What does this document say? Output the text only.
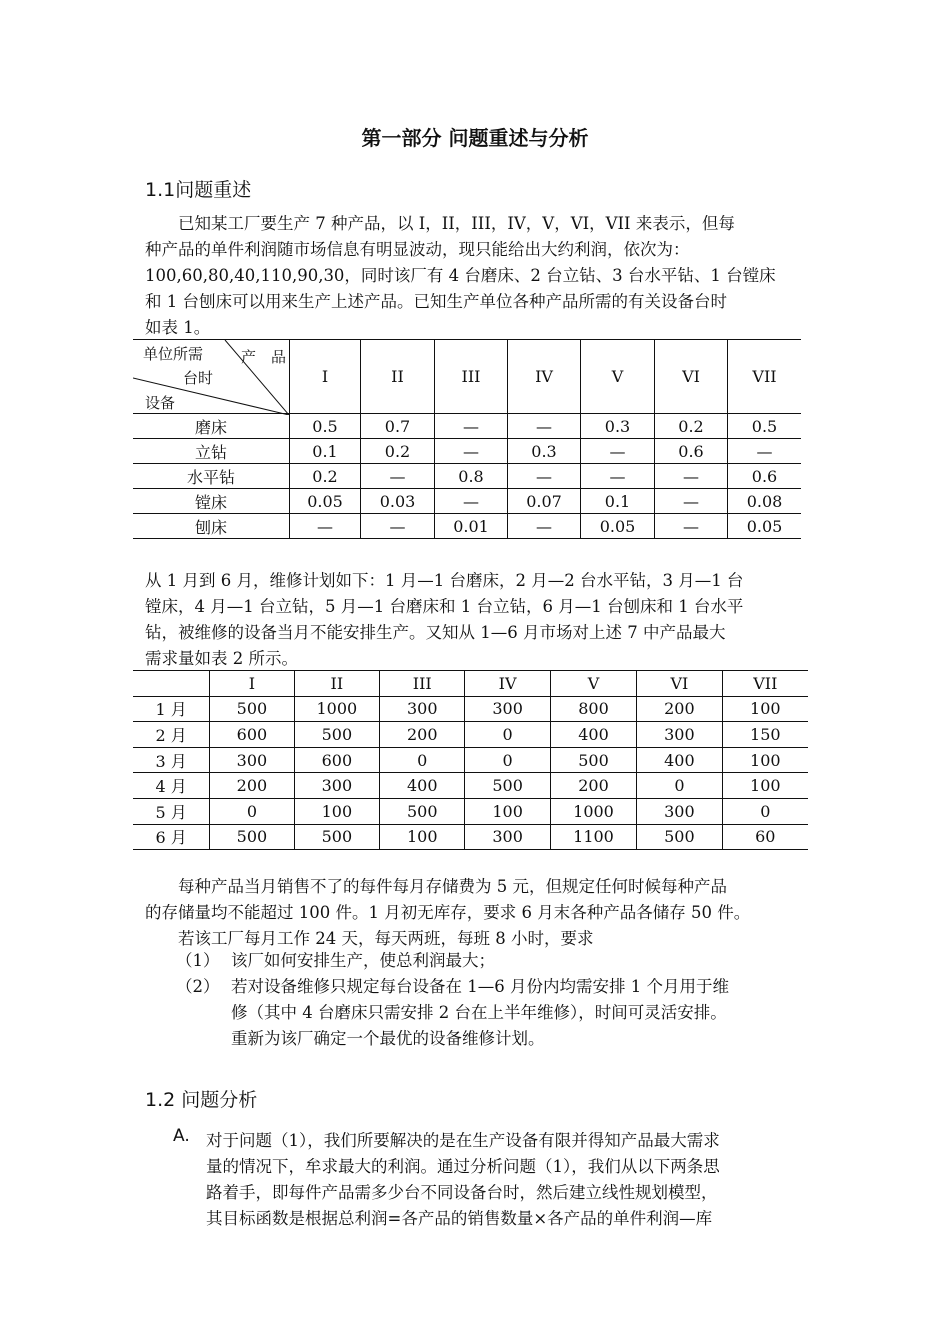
第一部分 问题重述与分析
1.1问题重述

　　已知某工厂要生产 7 种产品，以 I，II，III，IV，V，VI，VII 来表示，但每

种产品的单件利润随市场信息有明显波动，现只能给出大约利润，依次为：

100,60,80,40,110,90,30，同时该厂有 4 台磨床、2 台立钻、3 台水平钻、1 台镗床

和 1 台刨床可以用来生产上述产品。已知生产单位各种产品所需的有关设备台时

如表 1。

产　品
单位所需
台时
设备	I	II	III	IV	V	VI	VII
磨床	0.5	0.7	—	—	0.3	0.2	0.5
立钻	0.1	0.2	—	0.3	—	0.6	—
水平钻	0.2	—	0.8	—	—	—	0.6
镗床	0.05	0.03	—	0.07	0.1	—	0.08
刨床	—	—	0.01	—	0.05	—	0.05

从 1 月到 6 月，维修计划如下：1 月—1 台磨床，2 月—2 台水平钻，3 月—1 台

镗床，4 月—1 台立钻，5 月—1 台磨床和 1 台立钻，6 月—1 台刨床和 1 台水平

钻，被维修的设备当月不能安排生产。又知从 1—6 月市场对上述 7 中产品最大

需求量如表 2 所示。

	I	II	III	IV	V	VI	VII
1 月	500	1000	300	300	800	200	100
2 月	600	500	200	0	400	300	150
3 月	300	600	0	0	500	400	100
4 月	200	300	400	500	200	0	100
5 月	0	100	500	100	1000	300	0
6 月	500	500	100	300	1100	500	60

　　每种产品当月销售不了的每件每月存储费为 5 元，但规定任何时候每种产品

的存储量均不能超过 100 件。1 月初无库存，要求 6 月末各种产品各储存 50 件。

　　若该工厂每月工作 24 天，每天两班，每班 8 小时，要求

（1） 该厂如何安排生产，使总利润最大；
（2） 若对设备维修只规定每台设备在 1—6 月份内均需安排 1 个月用于维
修（其中 4 台磨床只需安排 2 台在上半年维修），时间可灵活安排。
重新为该厂确定一个最优的设备维修计划。
1.2 问题分析
A. 对于问题（1），我们所要解决的是在生产设备有限并得知产品最大需求

量的情况下，牟求最大的利润。通过分析问题（1），我们从以下两条思

路着手，即每件产品需多少台不同设备台时，然后建立线性规划模型，

其目标函数是根据总利润=各产品的销售数量×各产品的单件利润—库
